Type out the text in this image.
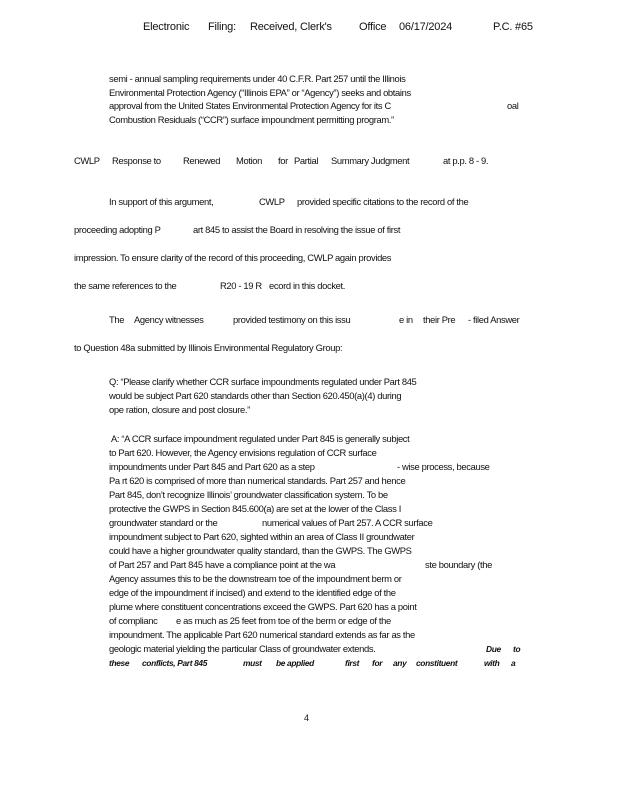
Electronic Filing: Received, Clerk's Office 06/17/2024	P.C. #65
semi - annual sampling requirements under 40 C.F.R. Part 257 until the Illinois
Environmental Protection Agency (“Illinois EPA” or “Agency”) seeks and obtains
approval from the United States Environmental Protection Agency for its C	oal
Combustion Residuals (“CCR”) surface impoundment permitting program.”
CWLP Response to Renewed Motion for Partial Summary Judgment	at p.p. 8 - 9.
In support of this argument,	CWLP provided specific citations to the record of the
proceeding adopting P	art 845 to assist the Board in resolving the issue of first
impression. To ensure clarity of the record of this proceeding, CWLP again provides
the same references to the	R20 - 19 R ecord in this docket.
The Agency witnesses	provided testimony on this issu	e in their Pre - filed Answer
to Question 48a submitted by Illinois Environmental Regulatory Group:
Q: “Please clarify whether CCR surface impoundments regulated under Part 845
would be subject Part 620 standards other than Section 620.450(a)(4) during
ope ration, closure and post closure.”
A: “A CCR surface impoundment regulated under Part 845 is generally subject
to Part 620. However, the Agency envisions regulation of CCR surface
impoundments under Part 845 and Part 620 as a step	- wise process, because
Pa rt 620 is comprised of more than numerical standards. Part 257 and hence
Part 845, don’t recognize Illinois’ groundwater classification system. To be
protective the GWPS in Section 845.600(a) are set at the lower of the Class I
groundwater standard or the	numerical values of Part 257. A CCR surface
impoundment subject to Part 620, sighted within an area of Class II groundwater
could have a higher groundwater quality standard, than the GWPS. The GWPS
of Part 257 and Part 845 have a compliance point at the wa	ste boundary (the
Agency assumes this to be the downstream toe of the impoundment berm or
edge of the impoundment if incised) and extend to the identified edge of the
plume where constituent concentrations exceed the GWPS. Part 620 has a point
of complianc e as much as 25 feet from toe of the berm or edge of the
impoundment. The applicable Part 620 numerical standard extends as far as the
geologic material yielding the particular Class of groundwater extends.	Due to
these conflicts, Part 845	must be applied	first for any constituent	with a
4
